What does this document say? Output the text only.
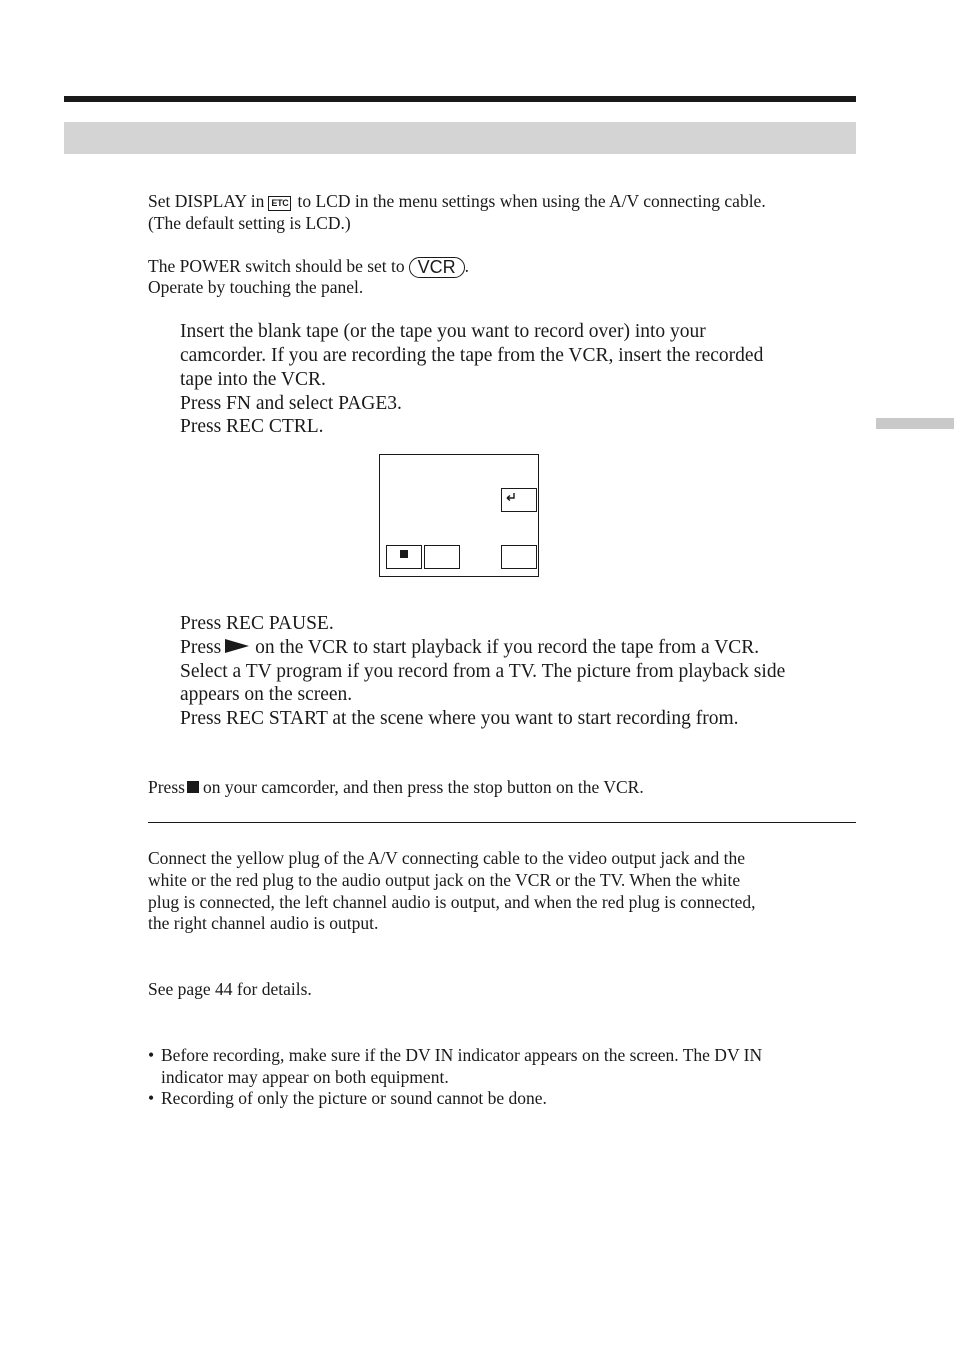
Set DISPLAY in ETC to LCD in the menu settings when using the A/V connecting cable.
(The default setting is LCD.)
The POWER switch should be set to VCR .
Operate by touching the panel.
Insert the blank tape (or the tape you want to record over) into your
camcorder. If you are recording the tape from the VCR, insert the recorded
tape into the VCR.
Press FN and select PAGE3.
Press REC CTRL.
Press REC PAUSE.
Press on the VCR to start playback if you record the tape from a VCR.
Select a TV program if you record from a TV. The picture from playback side
appears on the screen.
Press REC START at the scene where you want to start recording from.
Press on your camcorder, and then press the stop button on the VCR.
Connect the yellow plug of the A/V connecting cable to the video output jack and the
white or the red plug to the audio output jack on the VCR or the TV. When the white
plug is connected, the left channel audio is output, and when the red plug is connected,
the right channel audio is output.
See page 44 for details.
• Before recording, make sure if the DV IN indicator appears on the screen. The DV IN
indicator may appear on both equipment.
• Recording of only the picture or sound cannot be done.
